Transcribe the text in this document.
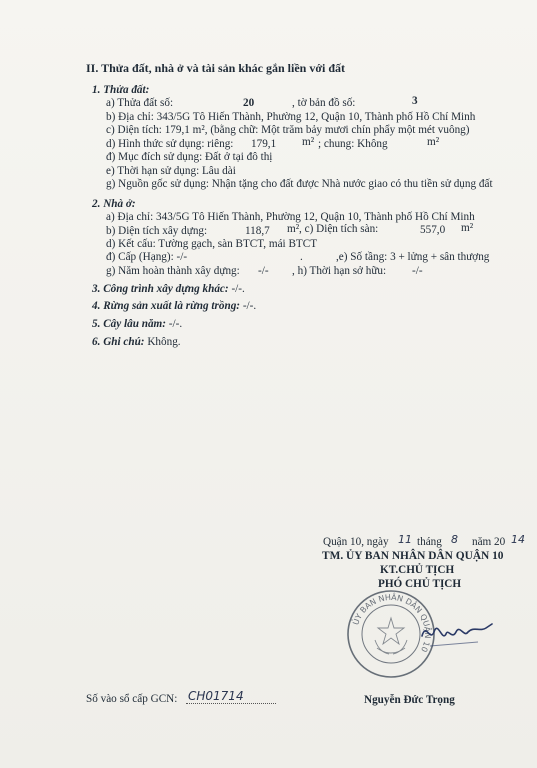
II. Thửa đất, nhà ở và tài sản khác gắn liền với đất
1. Thửa đất:
a) Thửa đất số:	20	, tờ bản đồ số:	3
b) Địa chỉ: 343/5G Tô Hiến Thành, Phường 12, Quận 10, Thành phố Hồ Chí Minh
c) Diện tích: 179,1 m², (bằng chữ: Một trăm bảy mươi chín phẩy một mét vuông)
d) Hình thức sử dụng: riêng: 179,1 m² ; chung: Không	m²
đ) Mục đích sử dụng: Đất ở tại đô thị
e) Thời hạn sử dụng: Lâu dài
g) Nguồn gốc sử dụng: Nhận tặng cho đất được Nhà nước giao có thu tiền sử dụng đất
2. Nhà ở:
a) Địa chỉ: 343/5G Tô Hiến Thành, Phường 12, Quận 10, Thành phố Hồ Chí Minh
b) Diện tích xây dựng:	118,7 m², c) Diện tích sàn:	557,0 m²
d) Kết cấu: Tường gạch, sàn BTCT, mái BTCT
đ) Cấp (Hạng): -/-	.	,e) Số tầng: 3 + lửng + sân thượng
g) Năm hoàn thành xây dựng: -/- , h) Thời hạn sở hữu: -/-
3. Công trình xây dựng khác: -/-.
4. Rừng sản xuất là rừng trồng: -/-.
5. Cây lâu năm: -/-.
6. Ghi chú: Không.
Quận 10, ngày 11 tháng 8 năm 20 14
TM. ỦY BAN NHÂN DÂN QUẬN 10
KT.CHỦ TỊCH
PHÓ CHỦ TỊCH
ỦY BAN NHÂN DÂN QUẬN 10
Nguyễn Đức Trọng
Số vào sổ cấp GCN: CH01714
